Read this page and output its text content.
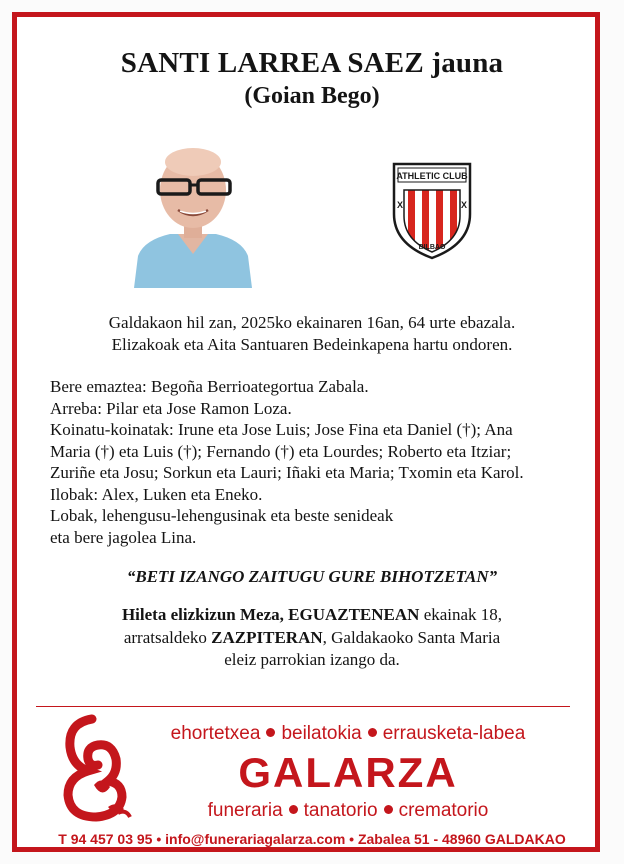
SANTI LARREA SAEZ jauna
(Goian Bego)
ATHLETIC CLUB
X	X
BILBAO
Galdakaon hil zan, 2025ko ekainaren 16an, 64 urte ebazala.
Elizakoak eta Aita Santuaren Bedeinkapena hartu ondoren.
Bere emaztea: Begoña Berrioategortua Zabala.
Arreba: Pilar eta Jose Ramon Loza.
Koinatu-koinatak: Irune eta Jose Luis; Jose Fina eta Daniel (†); Ana
Maria (†) eta Luis (†); Fernando (†) eta Lourdes; Roberto eta Itziar;
Zuriñe eta Josu; Sorkun eta Lauri; Iñaki eta Maria; Txomin eta Karol.
Ilobak: Alex, Luken eta Eneko.
Lobak, lehengusu-lehengusinak eta beste senideak
eta bere jagolea Lina.
“BETI IZANGO ZAITUGU GURE BIHOTZETAN”
Hileta elizkizun Meza, EGUAZTENEAN ekainak 18,
arratsaldeko ZAZPITERAN, Galdakaoko Santa Maria
eleiz parrokian izango da.
ehortetxea beilatokia errausketa-labea
GALARZA
funeraria tanatorio crematorio
T 94 457 03 95 • info@funerariagalarza.com • Zabalea 51 - 48960 GALDAKAO
